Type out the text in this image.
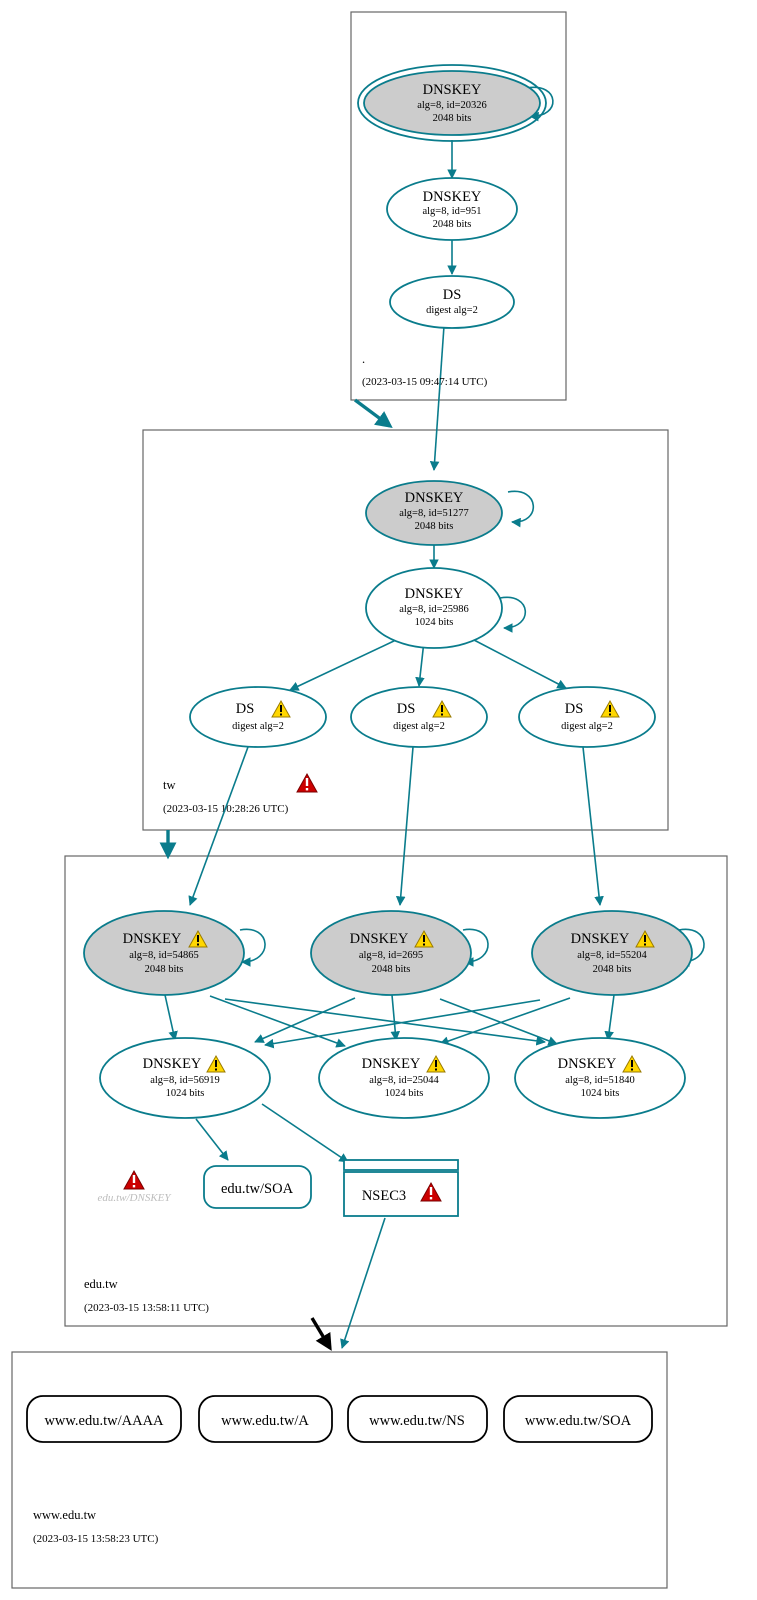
DNSKEY
alg=8, id=20326
2048 bits
DNSKEY
alg=8, id=951
2048 bits
DS
digest alg=2
.
(2023-03-15 09:47:14 UTC)
DNSKEY
alg=8, id=51277
2048 bits
DNSKEY
alg=8, id=25986
1024 bits
DS
digest alg=2
DS
digest alg=2
DS
digest alg=2
tw
(2023-03-15 10:28:26 UTC)
DNSKEY
alg=8, id=54865
2048 bits
DNSKEY
alg=8, id=2695
2048 bits
DNSKEY
alg=8, id=55204
2048 bits
DNSKEY
alg=8, id=56919
1024 bits
DNSKEY
alg=8, id=25044
1024 bits
DNSKEY
alg=8, id=51840
1024 bits
edu.tw/SOA	NSEC3
edu.tw/DNSKEY
edu.tw
(2023-03-15 13:58:11 UTC)
www.edu.tw/AAAA	www.edu.tw/A	www.edu.tw/NS	www.edu.tw/SOA
www.edu.tw
(2023-03-15 13:58:23 UTC)
